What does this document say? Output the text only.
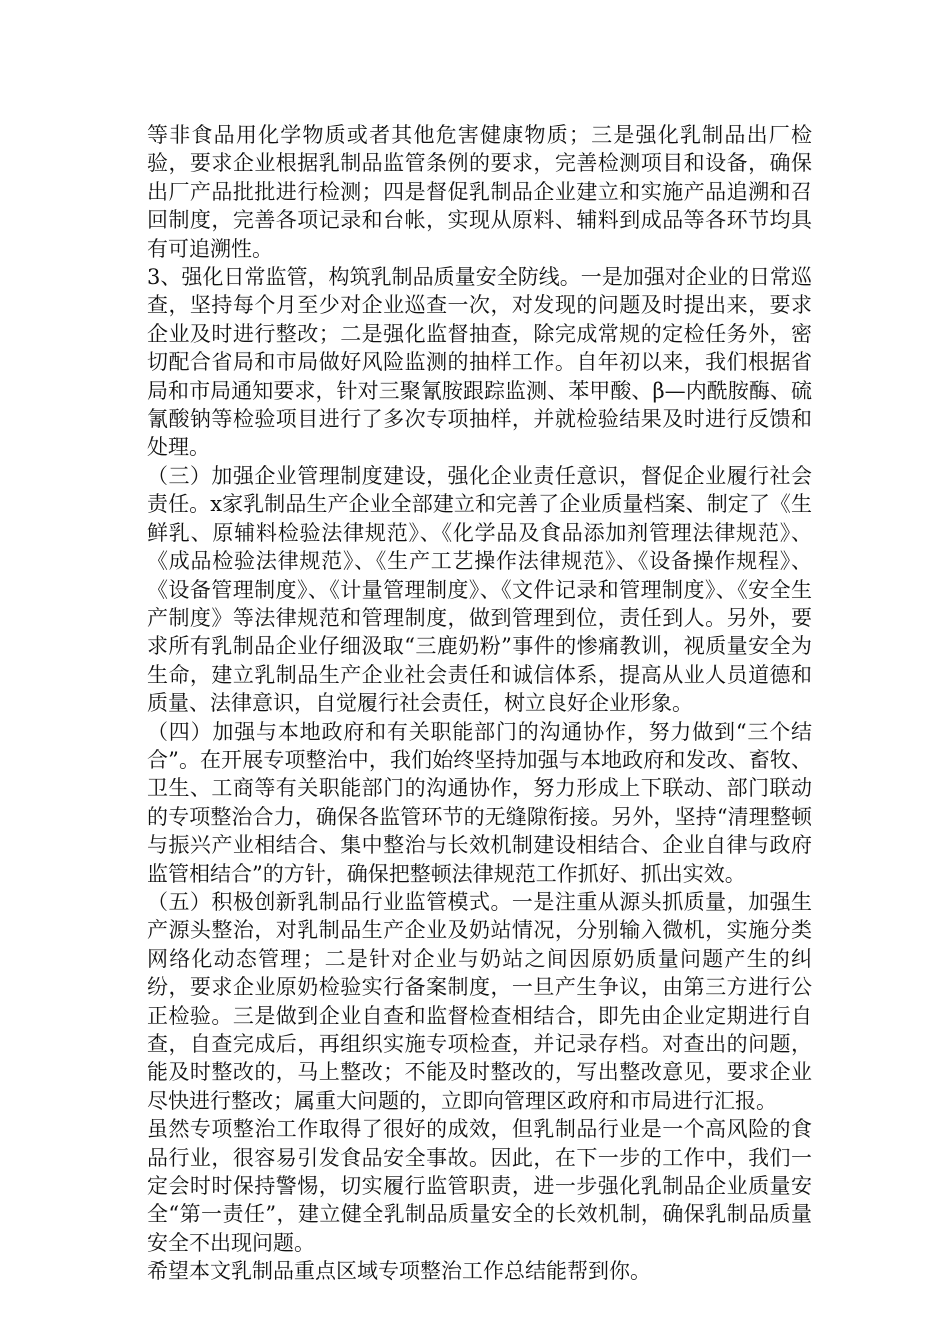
等非食品用化学物质或者其他危害健康物质；三是强化乳制品出厂检验，要求企业根据乳制品监管条例的要求，完善检测项目和设备，确保出厂产品批批进行检测；四是督促乳制品企业建立和实施产品追溯和召回制度，完善各项记录和台帐，实现从原料、辅料到成品等各环节均具有可追溯性。

3、强化日常监管，构筑乳制品质量安全防线。一是加强对企业的日常巡查，坚持每个月至少对企业巡查一次，对发现的问题及时提出来，要求企业及时进行整改；二是强化监督抽查，除完成常规的定检任务外，密切配合省局和市局做好风险监测的抽样工作。自年初以来，我们根据省局和市局通知要求，针对三聚氰胺跟踪监测、苯甲酸、β—内酰胺酶、硫氰酸钠等检验项目进行了多次专项抽样，并就检验结果及时进行反馈和处理。

（三）加强企业管理制度建设，强化企业责任意识，督促企业履行社会责任。x家乳制品生产企业全部建立和完善了企业质量档案、制定了《生鲜乳、原辅料检验法律规范》、《化学品及食品添加剂管理法律规范》、《成品检验法律规范》、《生产工艺操作法律规范》、《设备操作规程》、《设备管理制度》、《计量管理制度》、《文件记录和管理制度》、《安全生产制度》等法律规范和管理制度，做到管理到位，责任到人。另外，要求所有乳制品企业仔细汲取“三鹿奶粉”事件的惨痛教训，视质量安全为生命，建立乳制品生产企业社会责任和诚信体系，提高从业人员道德和质量、法律意识，自觉履行社会责任，树立良好企业形象。

（四）加强与本地政府和有关职能部门的沟通协作，努力做到“三个结合”。在开展专项整治中，我们始终坚持加强与本地政府和发改、畜牧、卫生、工商等有关职能部门的沟通协作，努力形成上下联动、部门联动的专项整治合力，确保各监管环节的无缝隙衔接。另外，坚持“清理整顿与振兴产业相结合、集中整治与长效机制建设相结合、企业自律与政府监管相结合”的方针，确保把整顿法律规范工作抓好、抓出实效。

（五）积极创新乳制品行业监管模式。一是注重从源头抓质量，加强生产源头整治，对乳制品生产企业及奶站情况，分别输入微机，实施分类网络化动态管理；二是针对企业与奶站之间因原奶质量问题产生的纠纷，要求企业原奶检验实行备案制度，一旦产生争议，由第三方进行公正检验。三是做到企业自查和监督检查相结合，即先由企业定期进行自查，自查完成后，再组织实施专项检查，并记录存档。对查出的问题，能及时整改的，马上整改；不能及时整改的，写出整改意见，要求企业尽快进行整改；属重大问题的，立即向管理区政府和市局进行汇报。

虽然专项整治工作取得了很好的成效，但乳制品行业是一个高风险的食品行业，很容易引发食品安全事故。因此，在下一步的工作中，我们一定会时时保持警惕，切实履行监管职责，进一步强化乳制品企业质量安全“第一责任”，建立健全乳制品质量安全的长效机制，确保乳制品质量安全不出现问题。

希望本文乳制品重点区域专项整治工作总结能帮到你。
